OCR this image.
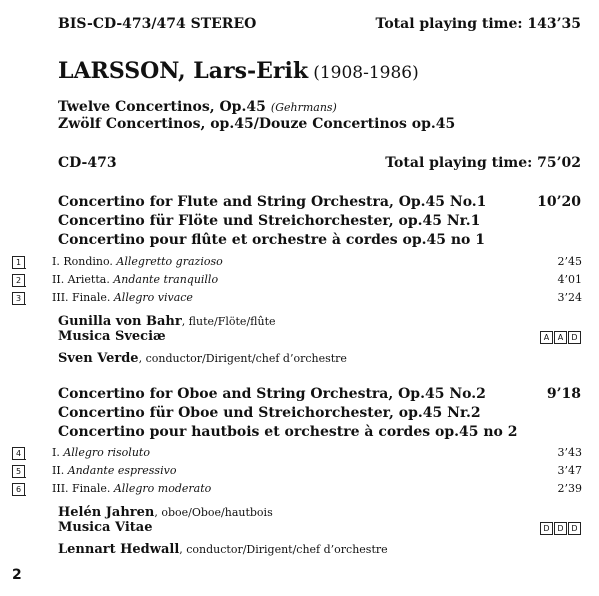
BIS-CD-473/474 STEREO	Total playing time: 143’35
LARSSON, Lars-Erik (1908-1986)
Twelve Concertinos, Op.45 (Gehrmans)
Zwölf Concertinos, op.45/Douze Concertinos op.45
CD-473	Total playing time: 75’02
Concertino for Flute and String Orchestra, Op.45 No.1	10’20
Concertino für Flöte und Streichorchester, op.45 Nr.1
Concertino pour flûte et orchestre à cordes op.45 no 1
1	I. Rondino. Allegretto grazioso	2’45
2	II. Arietta. Andante tranquillo	4’01
3	III. Finale. Allegro vivace	3’24
Gunilla von Bahr, flute/Flöte/flûte
Musica Sveciæ	A	A	D
Sven Verde, conductor/Dirigent/chef d’orchestre
Concertino for Oboe and String Orchestra, Op.45 No.2	9’18
Concertino für Oboe und Streichorchester, op.45 Nr.2
Concertino pour hautbois et orchestre à cordes op.45 no 2
4	I. Allegro risoluto	3’43
5	II. Andante espressivo	3’47
6	III. Finale. Allegro moderato	2’39
Helén Jahren, oboe/Oboe/hautbois
Musica Vitae	D D D
Lennart Hedwall, conductor/Dirigent/chef d’orchestre
2
